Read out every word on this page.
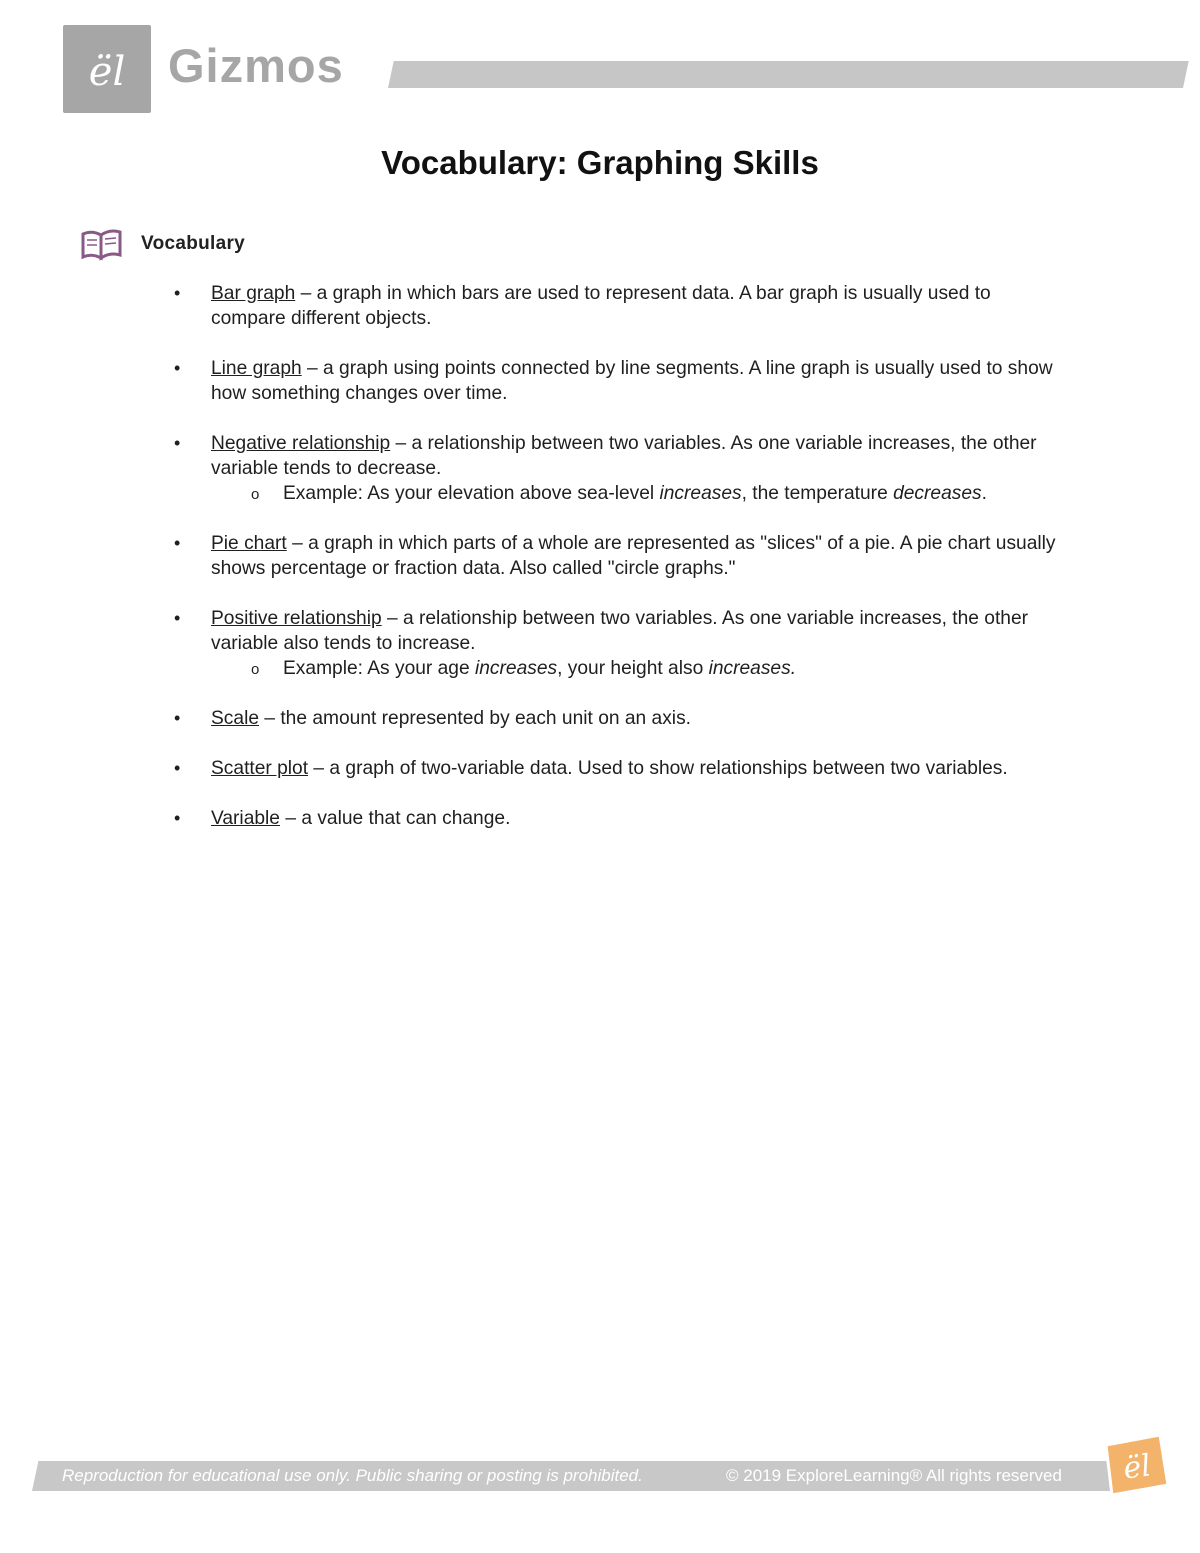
ël Gizmos
Vocabulary: Graphing Skills
Vocabulary
• Bar graph – a graph in which bars are used to represent data. A bar graph is usually used to compare different objects.
• Line graph – a graph using points connected by line segments. A line graph is usually used to show how something changes over time.
• Negative relationship – a relationship between two variables. As one variable increases, the other variable tends to decrease.
o Example: As your elevation above sea-level increases, the temperature decreases.
• Pie chart – a graph in which parts of a whole are represented as "slices" of a pie. A pie chart usually shows percentage or fraction data. Also called "circle graphs."
• Positive relationship – a relationship between two variables. As one variable increases, the other variable also tends to increase.
o Example: As your age increases, your height also increases.
• Scale – the amount represented by each unit on an axis.
• Scatter plot – a graph of two-variable data. Used to show relationships between two variables.
• Variable – a value that can change.
Reproduction for educational use only. Public sharing or posting is prohibited.	© 2019 ExploreLearning® All rights reserved ël
